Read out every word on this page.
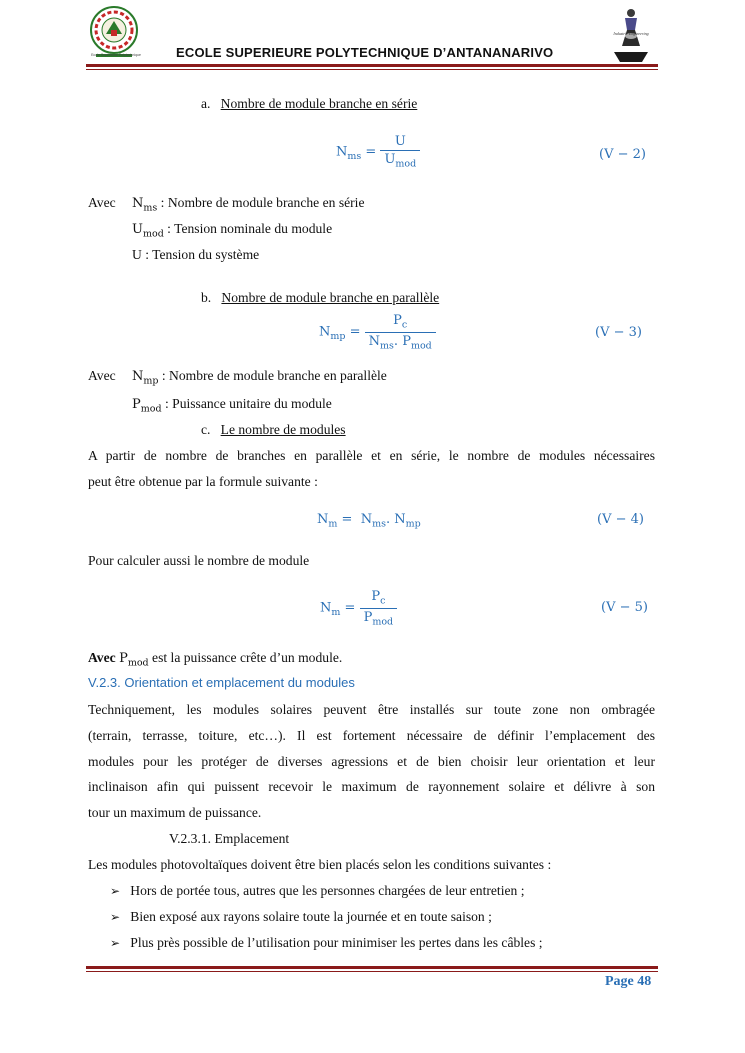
Ecole Supérieure Polytechnique
Industrie Engineering
ECOLE SUPERIEURE POLYTECHNIQUE D’ANTANANARIVO
a. Nombre de module branche en série
$N_{ms} = \frac{U}{U_{mod}}$	(V − 2)
Avec $N_{ms}$ : Nombre de module branche en série
$U_{mod}$ : Tension nominale du module
U : Tension du système
b. Nombre de module branche en parallèle
$N_{mp} = \frac{P_c}{N_{ms}. P_{mod}}$	(V − 3)
Avec $N_{mp}$ : Nombre de module branche en parallèle
$P_{mod}$ : Puissance unitaire du module
c. Le nombre de modules
A partir de nombre de branches en parallèle et en série, le nombre de modules nécessaires
peut être obtenue par la formule suivante :
$N_m = N_{ms}$. $N_{mp}$	(V − 4)
Pour calculer aussi le nombre de module
$N_m = \frac{P_c}{P_{mod}}$	(V − 5)
Avec $P_{mod}$ est la puissance crête d’un module.
V.2.3. Orientation et emplacement du modules
Techniquement, les modules solaires peuvent être installés sur toute zone non ombragée
(terrain, terrasse, toiture, etc…). Il est fortement nécessaire de définir l’emplacement des
modules pour les protéger de diverses agressions et de bien choisir leur orientation et leur
inclinaison afin qui puissent recevoir le maximum de rayonnement solaire et délivre à son
tour un maximum de puissance.
V.2.3.1. Emplacement
Les modules photovoltaïques doivent être bien placés selon les conditions suivantes :
➢ Hors de portée tous, autres que les personnes chargées de leur entretien ;
➢ Bien exposé aux rayons solaire toute la journée et en toute saison ;
➢ Plus près possible de l’utilisation pour minimiser les pertes dans les câbles ;
Page 48
